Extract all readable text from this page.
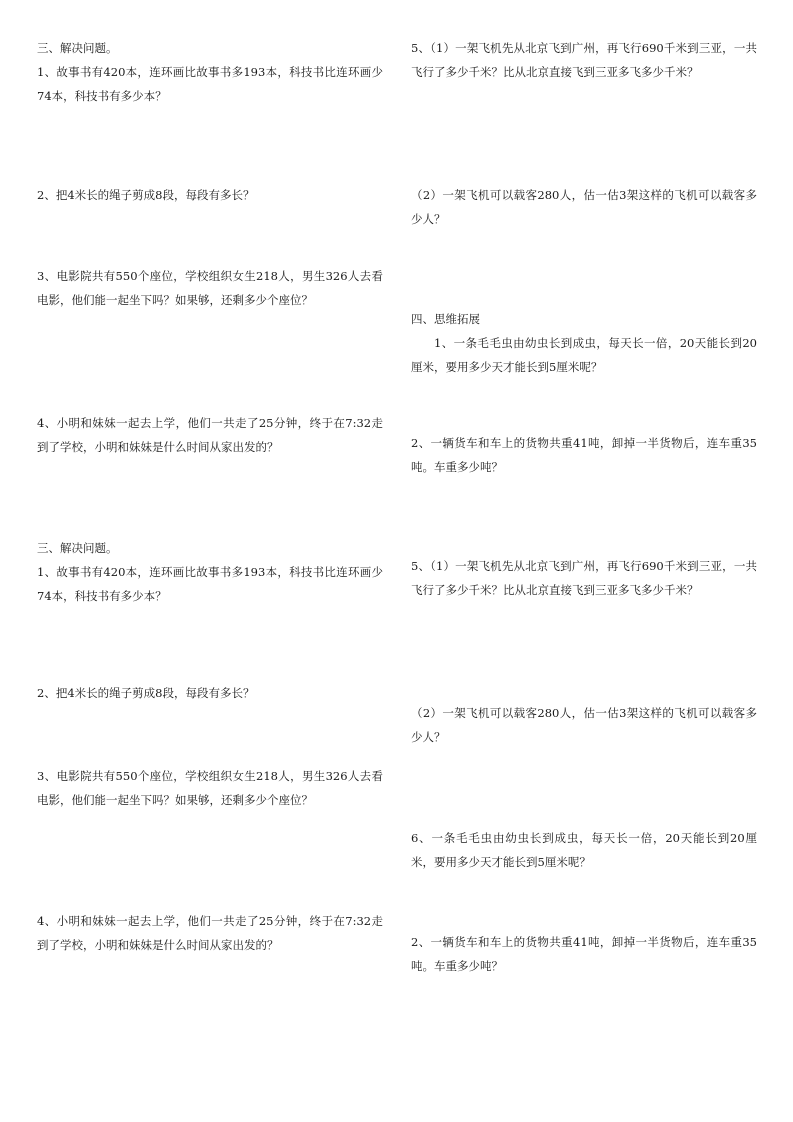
三、解决问题。

1、故事书有420本，连环画比故事书多193本，科技书比连环画少74本，科技书有多少本？

2、把4米长的绳子剪成8段，每段有多长？
3、电影院共有550个座位，学校组织女生218人，男生326人去看电影，他们能一起坐下吗？如果够，还剩多少个座位？
4、小明和妹妹一起去上学，他们一共走了25分钟，终于在7:32走到了学校，小明和妹妹是什么时间从家出发的？
5、（1）一架飞机先从北京飞到广州，再飞行690千米到三亚，一共飞行了多少千米？比从北京直接飞到三亚多飞多少千米？
（2）一架飞机可以载客280人，估一估3架这样的飞机可以载客多少人？

四、思维拓展

1、一条毛毛虫由幼虫长到成虫，每天长一倍，20天能长到20厘米，要用多少天才能长到5厘米呢？

2、一辆货车和车上的货物共重41吨，卸掉一半货物后，连车重35吨。车重多少吨？

三、解决问题。

1、故事书有420本，连环画比故事书多193本，科技书比连环画少74本，科技书有多少本？

2、把4米长的绳子剪成8段，每段有多长？
3、电影院共有550个座位，学校组织女生218人，男生326人去看电影，他们能一起坐下吗？如果够，还剩多少个座位？
4、小明和妹妹一起去上学，他们一共走了25分钟，终于在7:32走到了学校，小明和妹妹是什么时间从家出发的？
5、（1）一架飞机先从北京飞到广州，再飞行690千米到三亚，一共飞行了多少千米？比从北京直接飞到三亚多飞多少千米？
（2）一架飞机可以载客280人，估一估3架这样的飞机可以载客多少人？
6、一条毛毛虫由幼虫长到成虫，每天长一倍，20天能长到20厘米，要用多少天才能长到5厘米呢？
2、一辆货车和车上的货物共重41吨，卸掉一半货物后，连车重35吨。车重多少吨？
